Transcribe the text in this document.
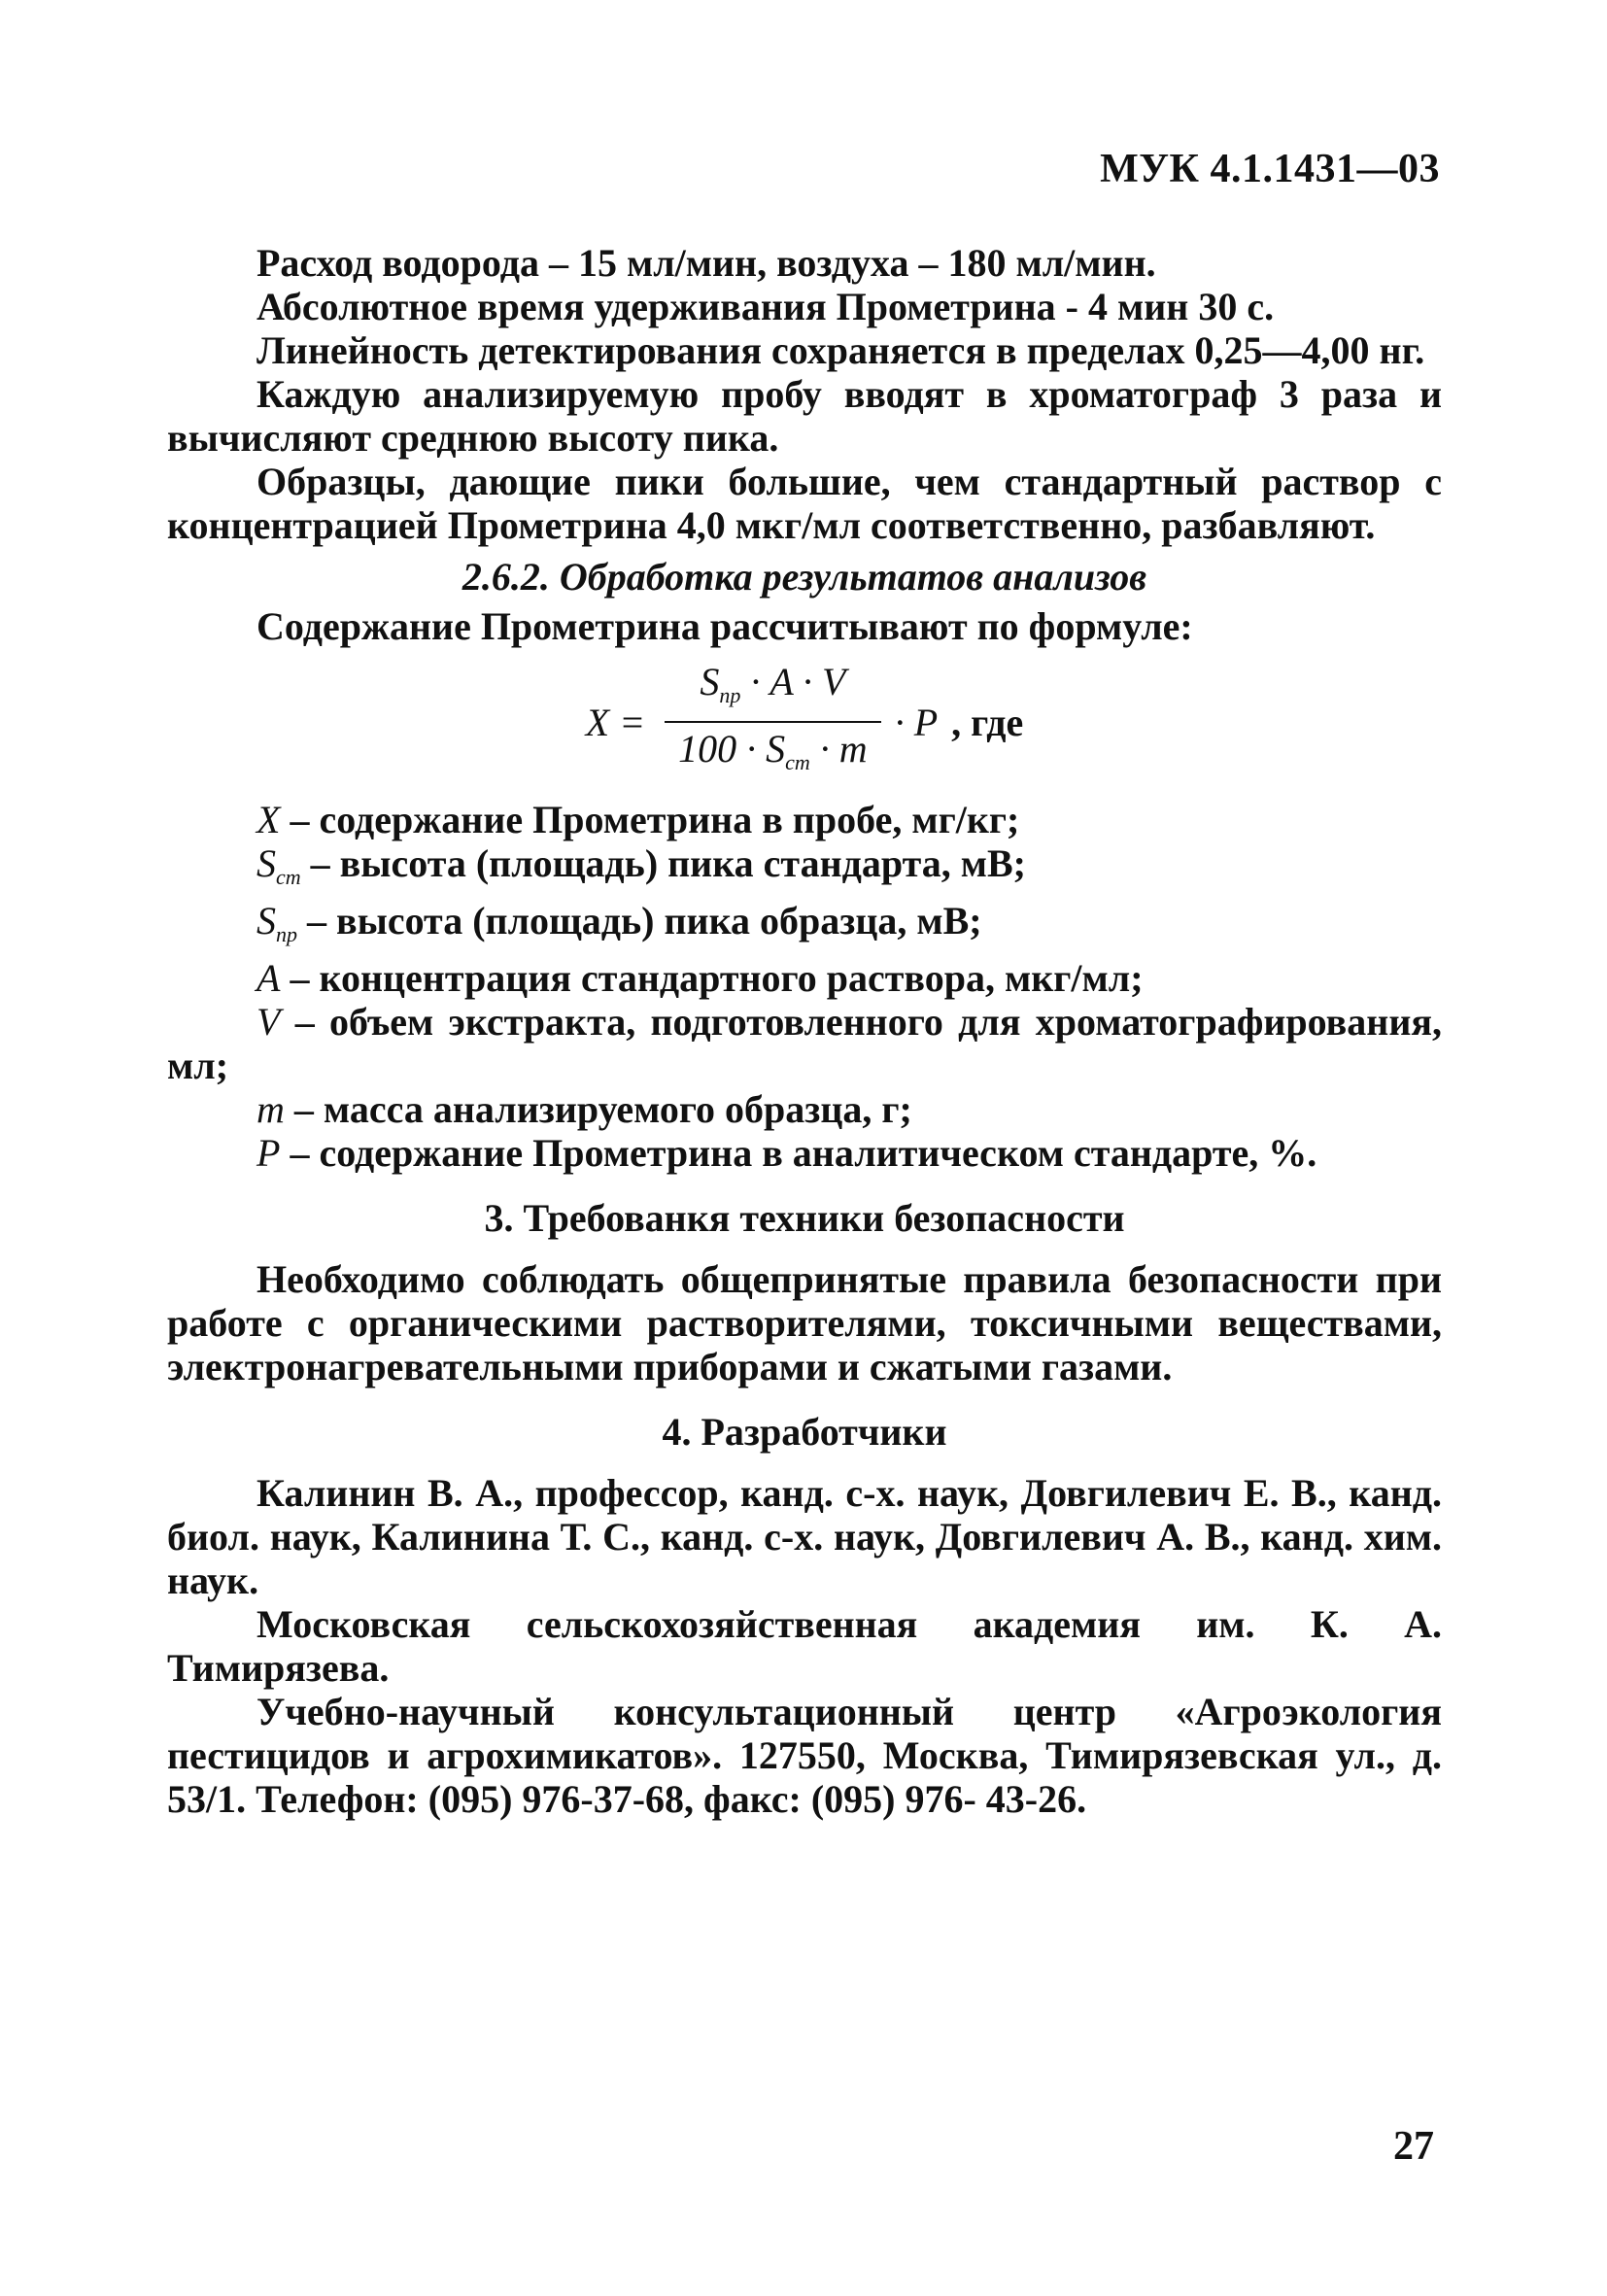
МУК 4.1.1431—03

Расход водорода – 15 мл/мин, воздуха – 180 мл/мин.

Абсолютное время удерживания Прометрина - 4 мин 30 с.

Линейность детектирования сохраняется в пределах 0,25—4,00 нг.

Каждую анализируемую пробу вводят в хроматограф 3 раза и вычисляют среднюю высоту пика.

Образцы, дающие пики большие, чем стандартный раствор с концентрацией Прометрина 4,0 мкг/мл соответственно, разбавляют.

2.6.2. Обработка результатов анализов

Содержание Прометрина рассчитывают по формуле:

$X = \frac{S_{пр} \cdot A \cdot V}{100 \cdot S_{ст} \cdot m} \cdot P$ , где

X – содержание Прометрина в пробе, мг/кг;

$S_{ст}$ – высота (площадь) пика стандарта, мВ;

$S_{пр}$ – высота (площадь) пика образца, мВ;

A – концентрация стандартного раствора, мкг/мл;

V – объем экстракта, подготовленного для хроматографирования, мл;

m – масса анализируемого образца, г;

P – содержание Прометрина в аналитическом стандарте, %.

3. Требованкя техники безопасности

Необходимо соблюдать общепринятые правила безопасности при работе с органическими растворителями, токсичными веществами, электронагревательными приборами и сжатыми газами.

4. Разработчики

Калинин В. А., профессор, канд. с-х. наук, Довгилевич Е. В., канд. биол. наук, Калинина Т. С., канд. с-х. наук, Довгилевич А. В., канд. хим. наук.

Московская сельскохозяйственная академия им. К. А. Тимирязева.

Учебно-научный консультационный центр «Агроэкология пестицидов и агрохимикатов». 127550, Москва, Тимирязевская ул., д. 53/1. Телефон: (095) 976-37-68, факс: (095) 976- 43-26.

27
